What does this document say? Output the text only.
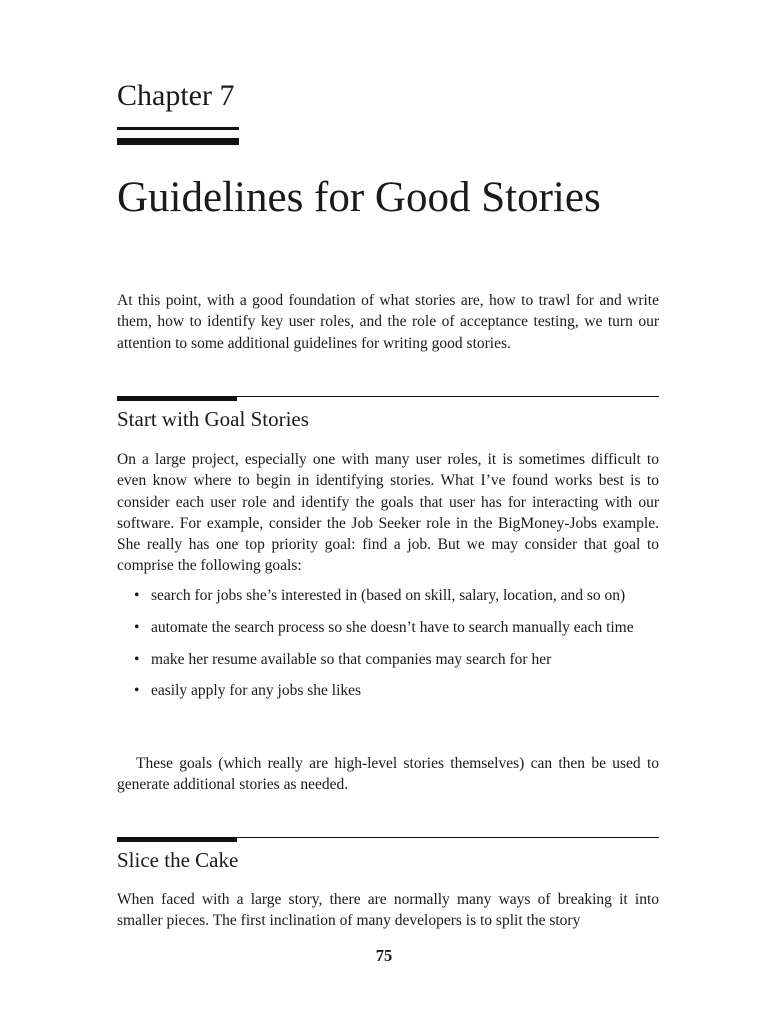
Chapter 7
Guidelines for Good Stories

At this point, with a good foundation of what stories are, how to trawl for and write them, how to identify key user roles, and the role of acceptance testing, we turn our attention to some additional guidelines for writing good stories.

Start with Goal Stories

On a large project, especially one with many user roles, it is sometimes difficult to even know where to begin in identifying stories. What I’ve found works best is to consider each user role and identify the goals that user has for interacting with our software. For example, consider the Job Seeker role in the BigMoney-Jobs example. She really has one top priority goal: find a job. But we may consider that goal to comprise the following goals:

• search for jobs she’s interested in (based on skill, salary, location, and so on)
• automate the search process so she doesn’t have to search manually each time
• make her resume available so that companies may search for her
• easily apply for any jobs she likes

These goals (which really are high-level stories themselves) can then be used to generate additional stories as needed.

Slice the Cake

When faced with a large story, there are normally many ways of breaking it into smaller pieces. The first inclination of many developers is to split the story

75
